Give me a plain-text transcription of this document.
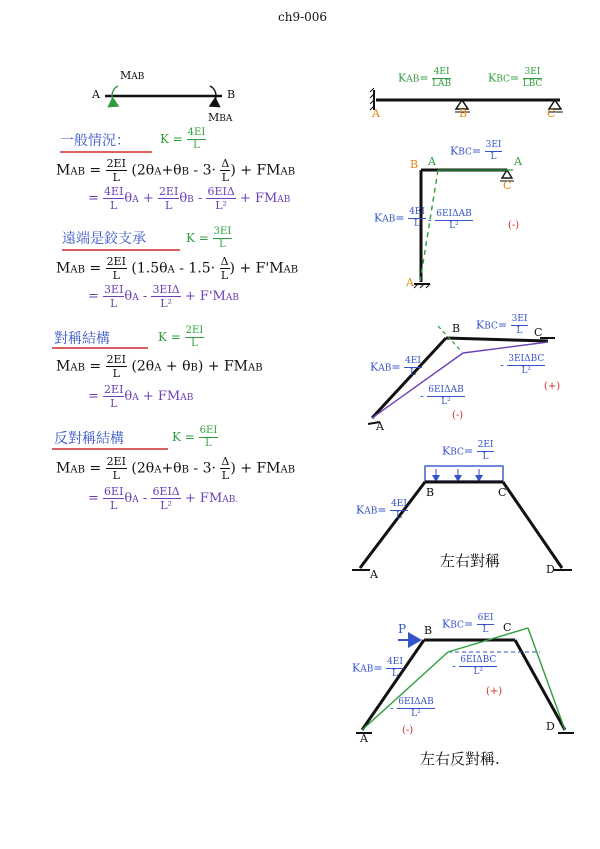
ch9-006
MAB
A	B
MBA
一般情況：	$K = \frac{4EI}{L}$
MAB = $\frac{2EI}{L} (2\theta A+\theta B - 3\cdot \frac{\Delta}{L}$ ) + FMAB
= $\frac{4EI}{L}$ $\theta A + \frac{2EI}{L}$ θB - $\frac{\text{6EIΔ}}{\text{L²}}$ + FMAB
遠端是鉸支承	$K = \frac{3EI}{L}$
MAB = $\frac{2EI}{L} (1.5\theta A - 1.5\cdot \frac{\Delta}{L}$ ) + F'MAB
= $\frac{3EI}{L}$ $\theta A - \frac{\text{3EIΔ}}{\text{L²}} + F'MAB$
對稱結構	$K = \frac{2EI}{L}$
MAB = $\frac{2EI}{L} (2\theta A + \theta B)$ + FMAB
= $\frac{2EI}{L}$ θA + FMAB
反對稱結構	$K = \frac{6EI}{L}$
MAB = $\frac{2EI}{L} (2\theta A+\theta B - 3\cdot \frac{\Delta}{L}$ ) + FMAB
= $\frac{6EI}{L}$ θA - $\frac{\text{6EIΔ}}{\text{L²}}$ + FMAB.
$KAB= \frac{4EI}{\text{LAB}}$	$KBC= \frac{3EI}{\text{LBC}}$
A	B	C
B A
$KBC= \frac{3EI}{L}$ A
C
$KAB= \frac{4EI}{L} - \frac{\text{6EIΔAB}}{\text{L²}}$	(-)
A
B $KBC= \frac{3EI}{L}$ C
$KAB= \frac{4EI}{L}$	- $\frac{\text{3EIΔBC}}{\text{L²}}$
(+)
- $\frac{\text{6EIΔAB}}{\text{L²}}$
(-)
A
$KBC= \frac{2EI}{L}$
B	C
$KAB= \frac{4EI}{L}$
左右對稱
A	D
P B $KBC= \frac{6EI}{L}$ C
$KAB= \frac{4EI}{L}$	- $\frac{\text{6EIΔBC}}{\text{L²}}$
(+)
- $\frac{\text{6EIΔAB}}{\text{L²}}$
(-)
A
D
左右反對稱.
